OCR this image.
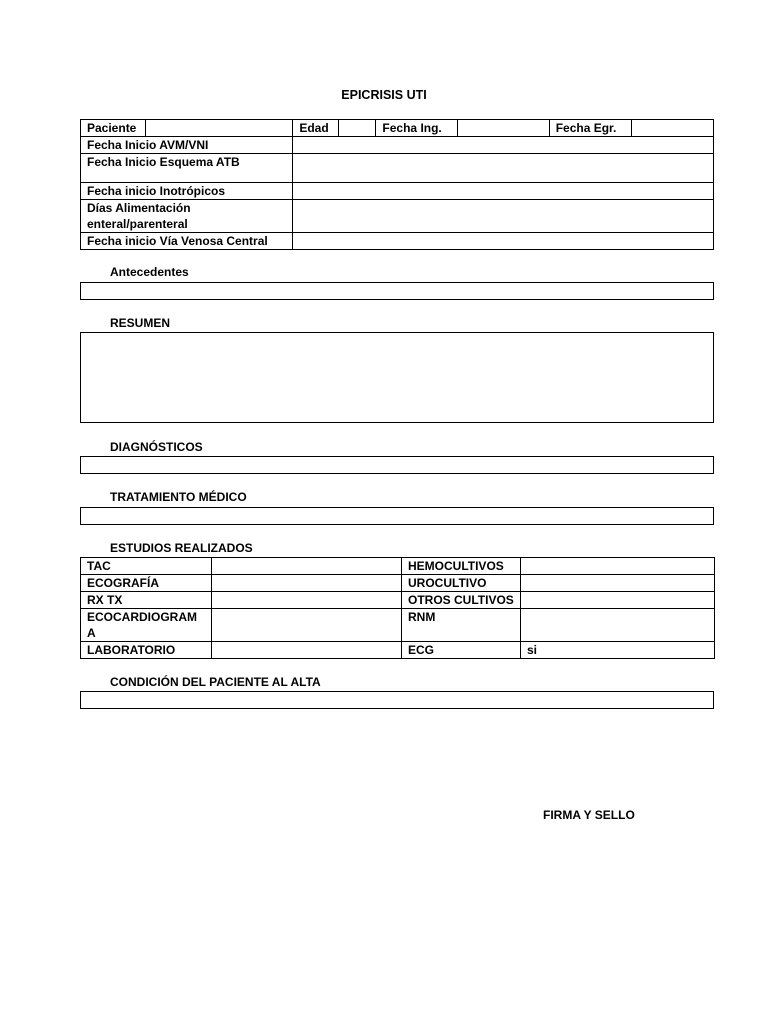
EPICRISIS UTI
Paciente		Edad		Fecha Ing.		Fecha Egr.	
Fecha Inicio AVM/VNI							
Fecha Inicio Esquema ATB							
Fecha inicio Inotrópicos							
Días Alimentación enteral/parenteral							
Fecha inicio Vía Venosa Central							
Antecedentes
RESUMEN
DIAGNÓSTICOS
TRATAMIENTO MÉDICO
ESTUDIOS REALIZADOS
TAC		HEMOCULTIVOS	
ECOGRAFÍA		UROCULTIVO	
RX TX		OTROS CULTIVOS	
ECOCARDIOGRAMA		RNM	
LABORATORIO		ECG	si
CONDICIÓN DEL PACIENTE AL ALTA
FIRMA Y SELLO
